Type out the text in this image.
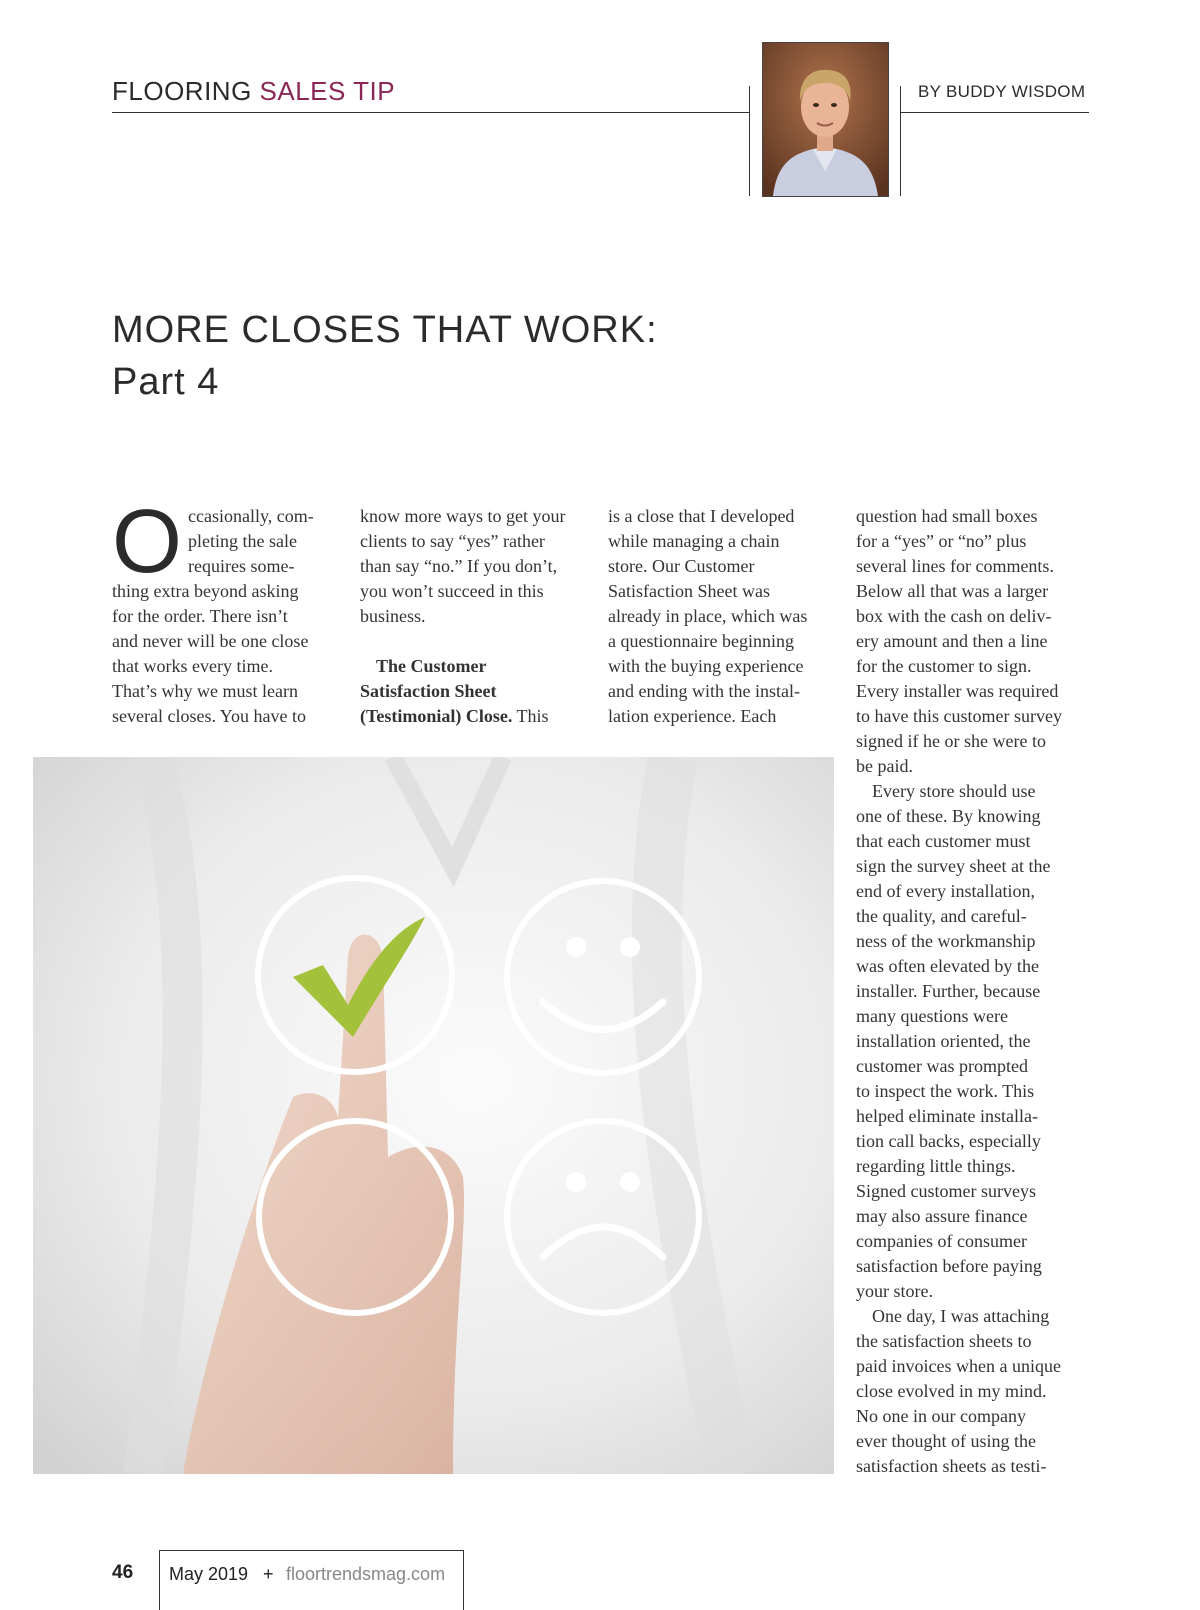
FLOORING SALES TIP	BY BUDDY WISDOM
MORE CLOSES THAT WORK:
Part 4
O ccasionally, com-
pleting the sale
requires some-
thing extra beyond asking
for the order. There isn’t
and never will be one close
that works every time.
That’s why we must learn
several closes. You have to
know more ways to get your
clients to say “yes” rather
than say “no.” If you don’t,
you won’t succeed in this
business.

The Customer
Satisfaction Sheet
(Testimonial) Close. This
is a close that I developed
while managing a chain
store. Our Customer
Satisfaction Sheet was
already in place, which was
a questionnaire beginning
with the buying experience
and ending with the instal-
lation experience. Each
question had small boxes
for a “yes” or “no” plus
several lines for comments.
Below all that was a larger
box with the cash on deliv-
ery amount and then a line
for the customer to sign.
Every installer was required
to have this customer survey
signed if he or she were to
be paid.
Every store should use
one of these. By knowing
that each customer must
sign the survey sheet at the
end of every installation,
the quality, and careful-
ness of the workmanship
was often elevated by the
installer. Further, because
many questions were
installation oriented, the
customer was prompted
to inspect the work. This
helped eliminate installa-
tion call backs, especially
regarding little things.
Signed customer surveys
may also assure finance
companies of consumer
satisfaction before paying
your store.
One day, I was attaching
the satisfaction sheets to
paid invoices when a unique
close evolved in my mind.
No one in our company
ever thought of using the
satisfaction sheets as testi-
46 May 2019 + floortrendsmag.com
